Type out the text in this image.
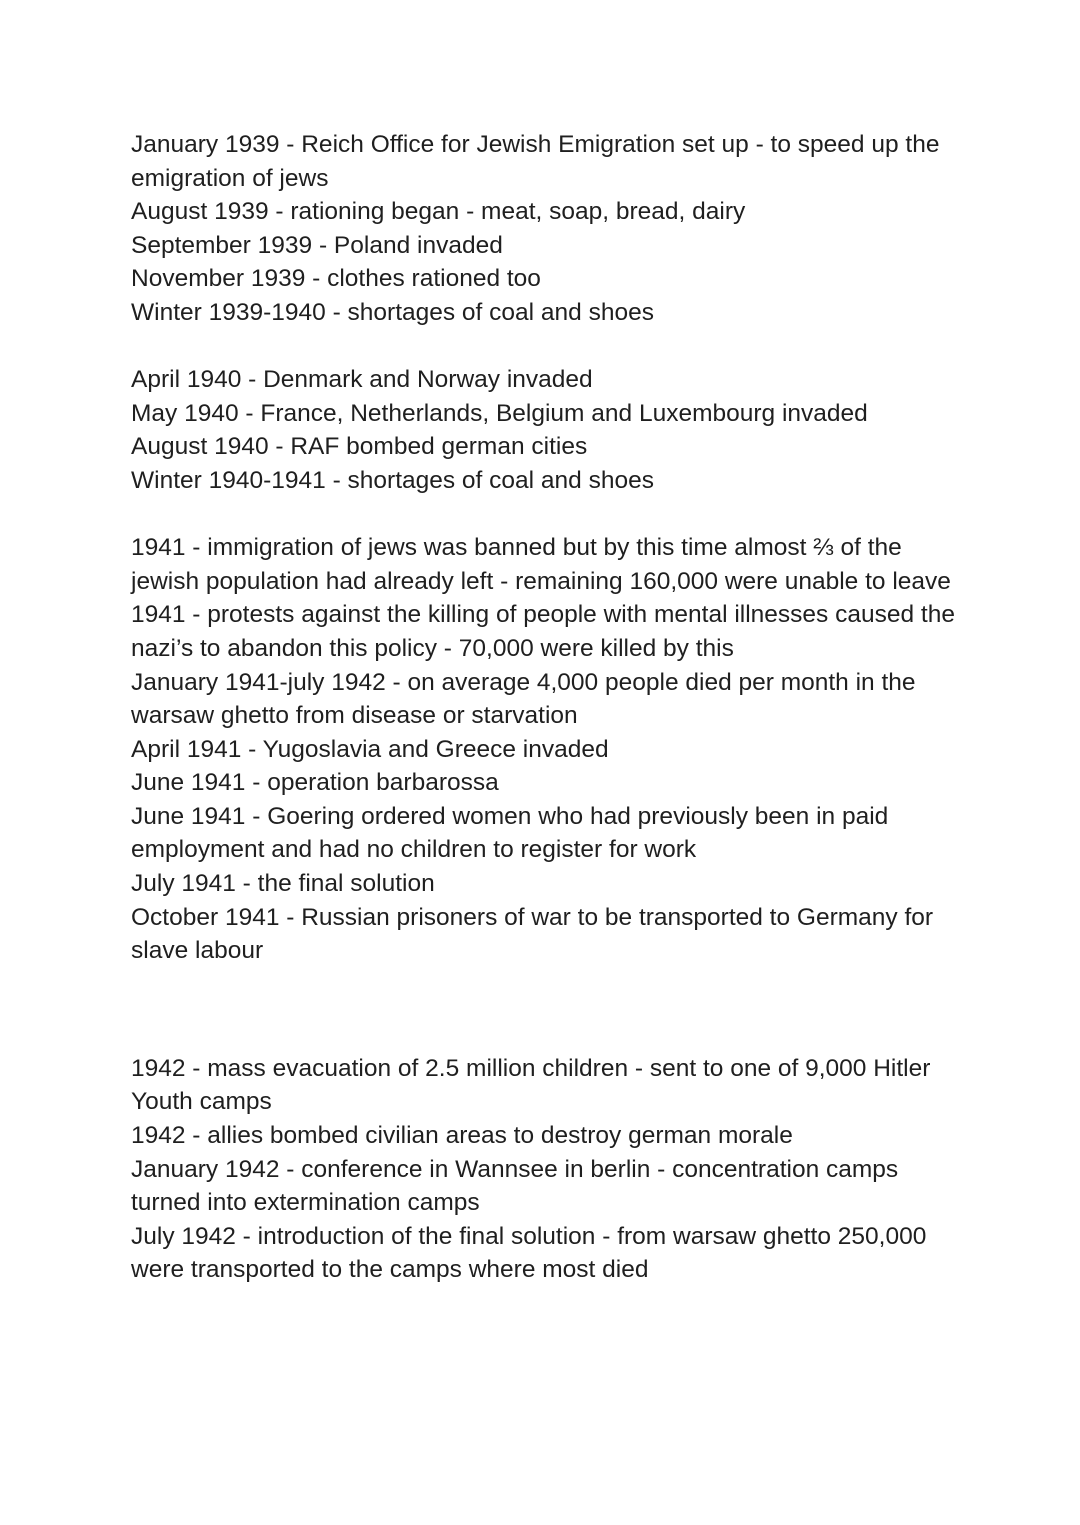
January 1939 - Reich Office for Jewish Emigration set up - to speed up the emigration of jews

August 1939 - rationing began - meat, soap, bread, dairy

September 1939 - Poland invaded

November 1939 - clothes rationed too

Winter 1939-1940 - shortages of coal and shoes

April 1940 - Denmark and Norway invaded

May 1940 - France, Netherlands, Belgium and Luxembourg invaded

August 1940 - RAF bombed german cities

Winter 1940-1941 - shortages of coal and shoes

1941 - immigration of jews was banned but by this time almost ⅔ of the jewish population had already left - remaining 160,000 were unable to leave

1941 - protests against the killing of people with mental illnesses caused the nazi’s to abandon this policy - 70,000 were killed by this

January 1941-july 1942 - on average 4,000 people died per month in the warsaw ghetto from disease or starvation

April 1941 - Yugoslavia and Greece invaded

June 1941 - operation barbarossa

June 1941 - Goering ordered women who had previously been in paid employment and had no children to register for work

July 1941 - the final solution

October 1941 - Russian prisoners of war to be transported to Germany for slave labour

1942 - mass evacuation of 2.5 million children - sent to one of 9,000 Hitler Youth camps

1942 - allies bombed civilian areas to destroy german morale

January 1942 - conference in Wannsee in berlin - concentration camps turned into extermination camps

July 1942 - introduction of the final solution - from warsaw ghetto 250,000 were transported to the camps where most died
